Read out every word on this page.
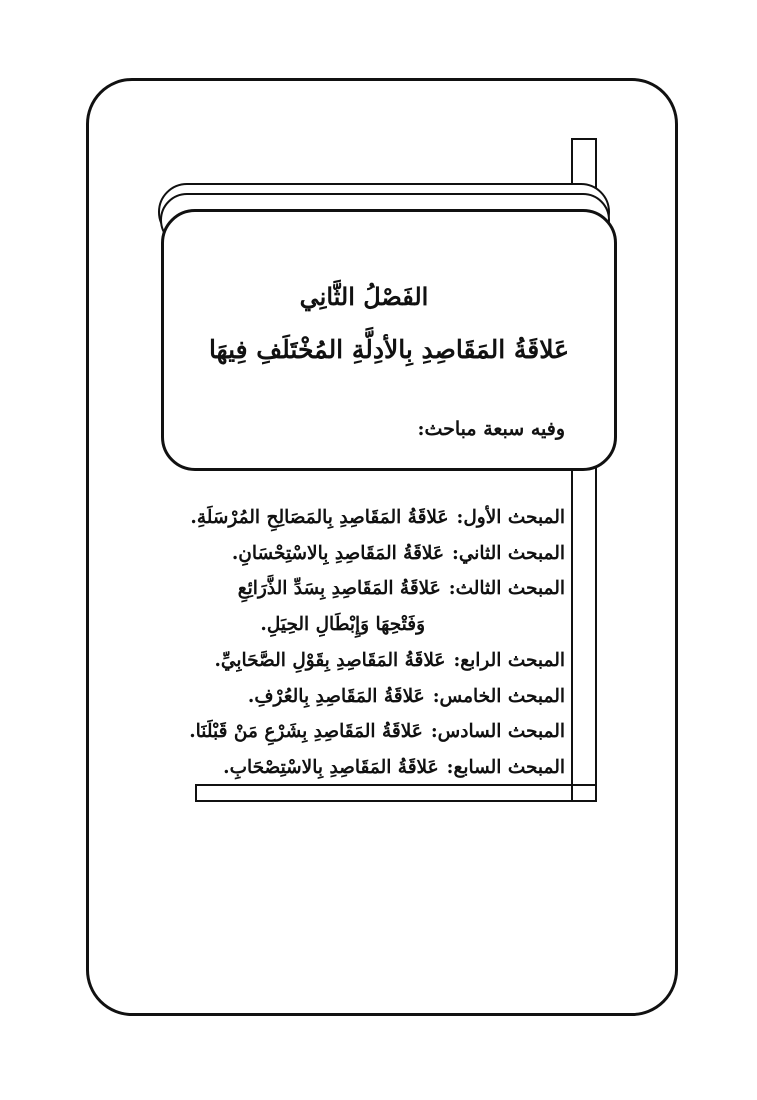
الفَصْلُ الثَّانِي
عَلاقَةُ المَقَاصِدِ بِالأدِلَّةِ المُخْتَلَفِ فِيهَا

وفيه سبعة مباحث:

المبحث الأول:عَلاقَةُ المَقَاصِدِ بِالمَصَالِحِ المُرْسَلَةِ.
المبحث الثاني:عَلاقَةُ المَقَاصِدِ بِالاسْتِحْسَانِ.
المبحث الثالث:عَلاقَةُ المَقَاصِدِ بِسَدِّ الذَّرَائِعِ
وَفَتْحِهَا وَإِبْطَالِ الحِيَلِ.
المبحث الرابع:عَلاقَةُ المَقَاصِدِ بِقَوْلِ الصَّحَابِيِّ.
المبحث الخامس:عَلاقَةُ المَقَاصِدِ بِالعُرْفِ.
المبحث السادس:عَلاقَةُ المَقَاصِدِ بِشَرْعِ مَنْ قَبْلَنَا.
المبحث السابع:عَلاقَةُ المَقَاصِدِ بِالاسْتِصْحَابِ.
